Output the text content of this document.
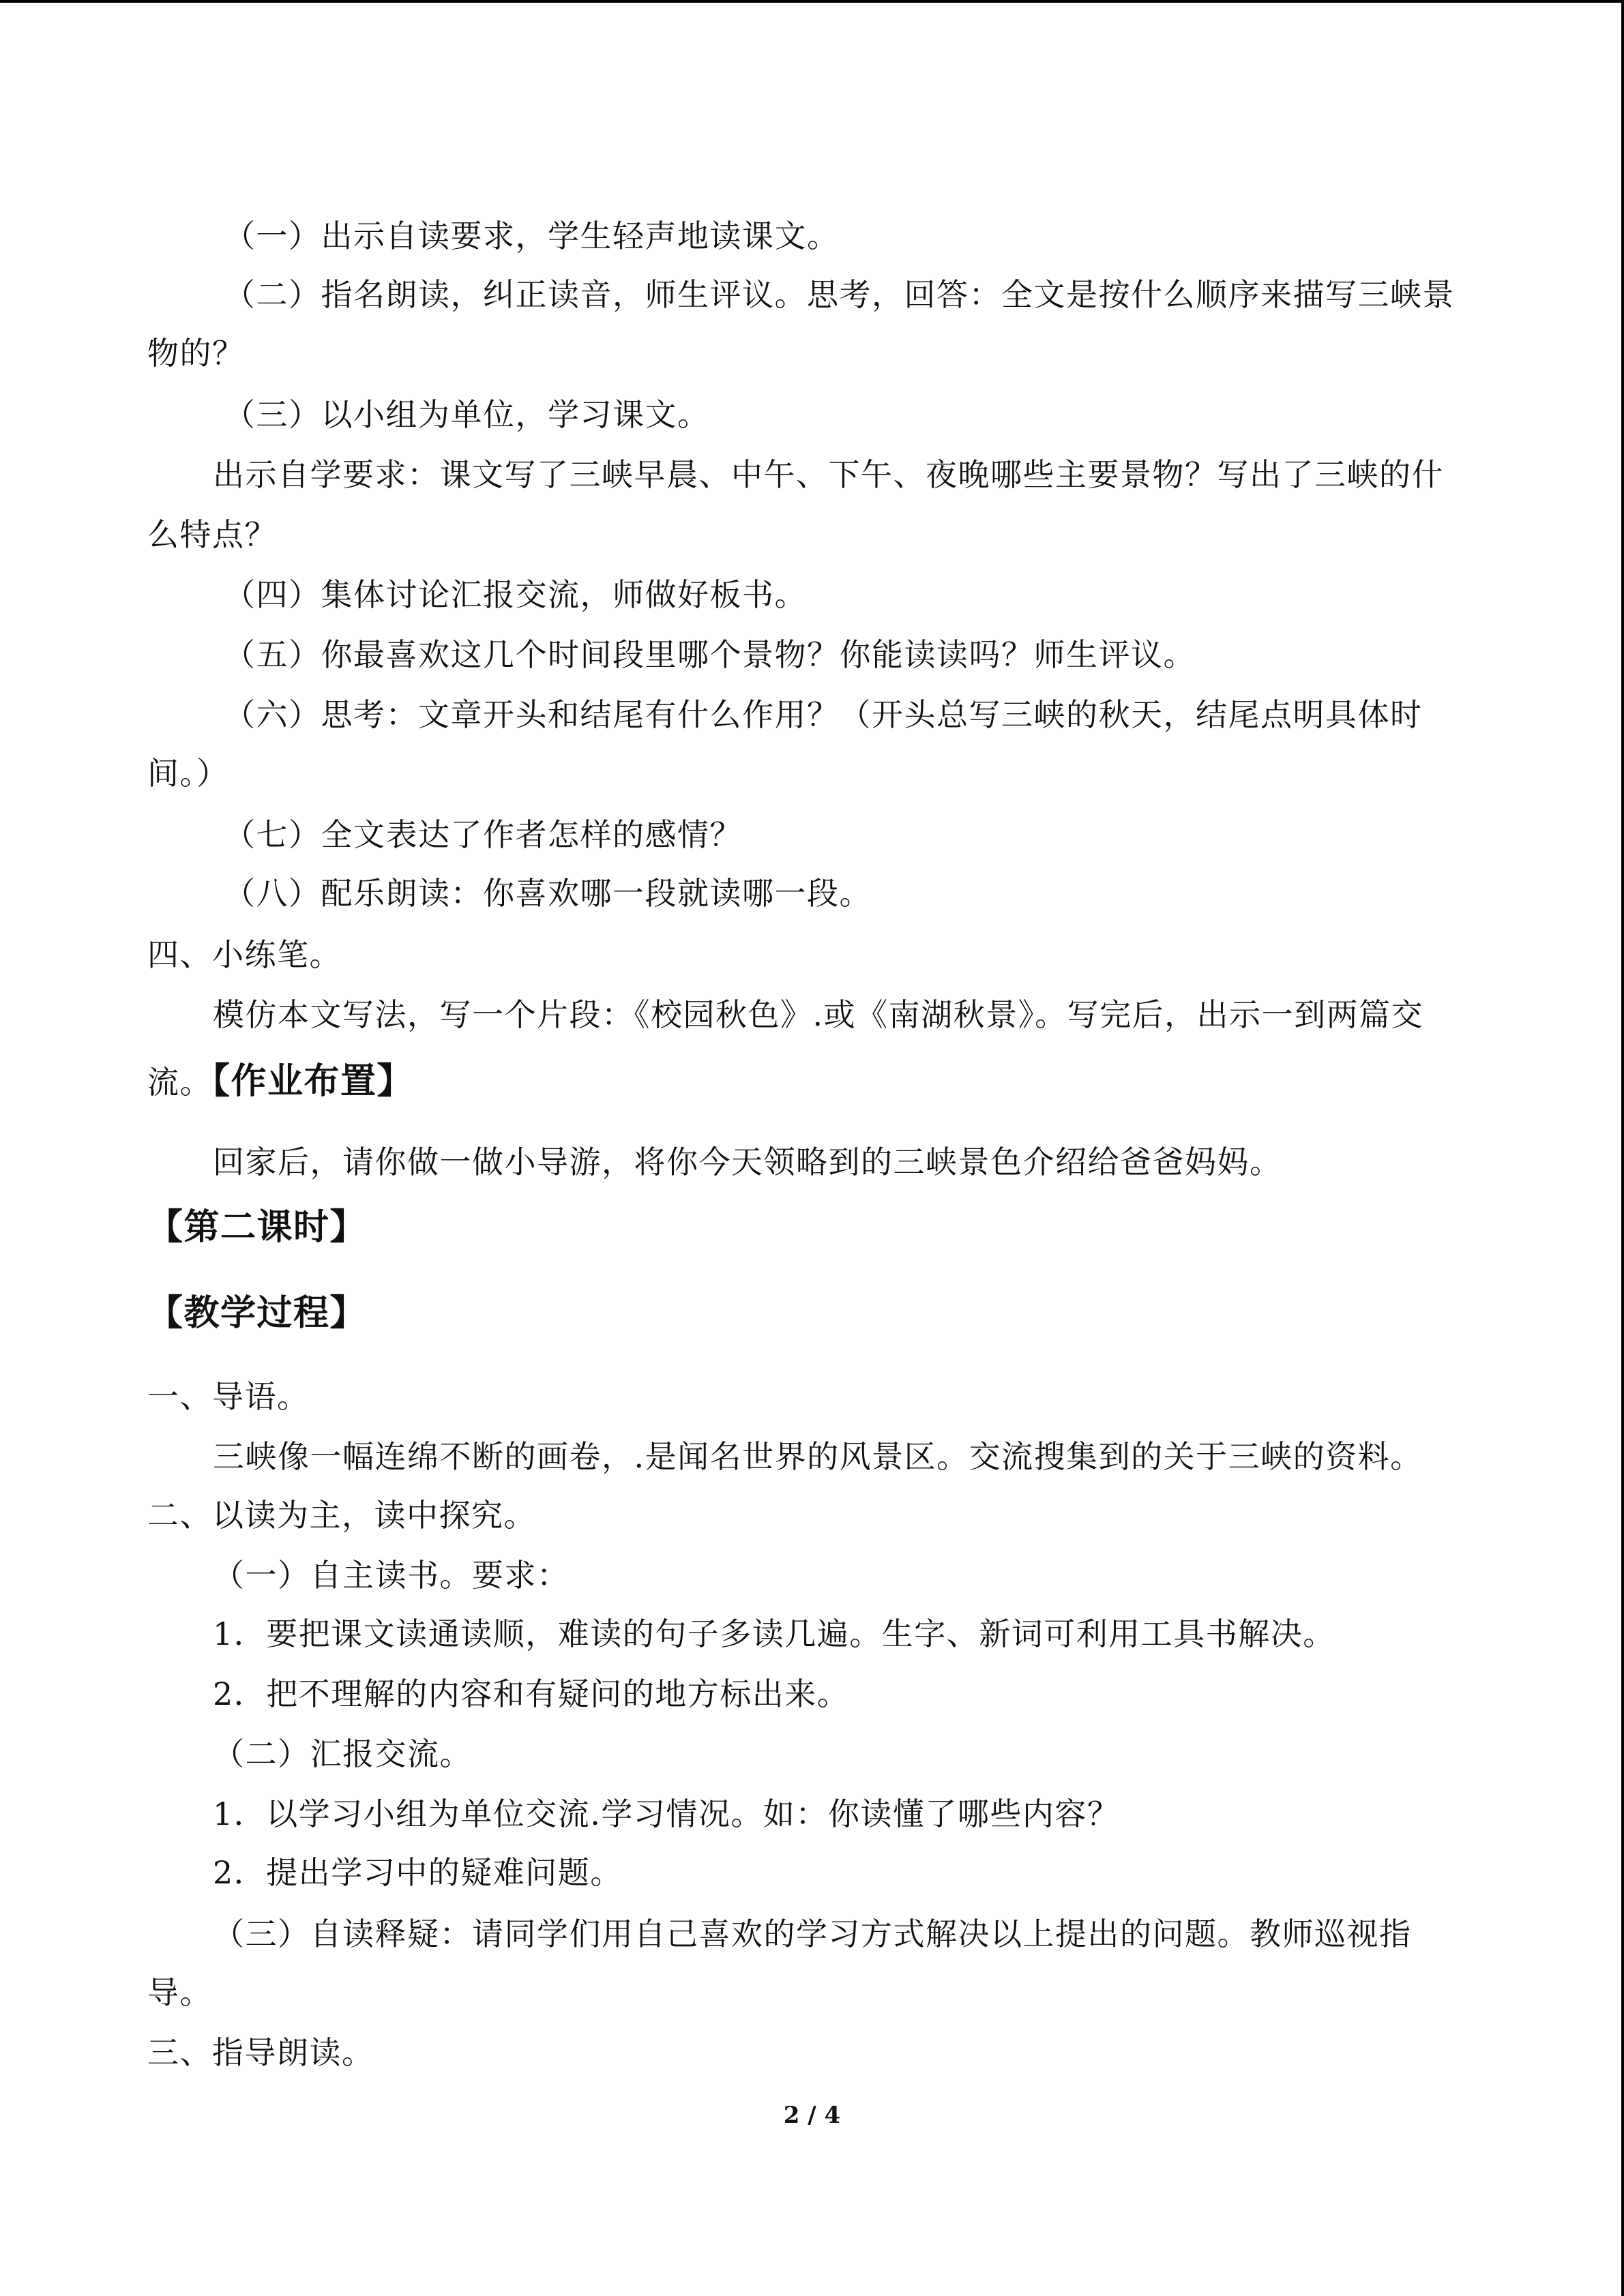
（一）出示自读要求，学生轻声地读课文。

（二）指名朗读，纠正读音，师生评议。思考，回答：全文是按什么顺序来描写三峡景

物的？

（三）以小组为单位，学习课文。

出示自学要求：课文写了三峡早晨、中午、下午、夜晚哪些主要景物？写出了三峡的什

么特点？

（四）集体讨论汇报交流，师做好板书。

（五）你最喜欢这几个时间段里哪个景物？你能读读吗？师生评议。

（六）思考：文章开头和结尾有什么作用？（开头总写三峡的秋天，结尾点明具体时

间。）

（七）全文表达了作者怎样的感情？

（八）配乐朗读：你喜欢哪一段就读哪一段。

四、小练笔。

模仿本文写法，写一个片段：《校园秋色》.或《南湖秋景》。写完后，出示一到两篇交

流。【作业布置】

回家后，请你做一做小导游，将你今天领略到的三峡景色介绍给爸爸妈妈。

【第二课时】
【教学过程】

一、导语。

三峡像一幅连绵不断的画卷，.是闻名世界的风景区。交流搜集到的关于三峡的资料。

二、以读为主，读中探究。

（一）自主读书。要求：

1．要把课文读通读顺，难读的句子多读几遍。生字、新词可利用工具书解决。

2．把不理解的内容和有疑问的地方标出来。

（二）汇报交流。

1．以学习小组为单位交流.学习情况。如：你读懂了哪些内容？

2．提出学习中的疑难问题。

（三）自读释疑：请同学们用自己喜欢的学习方式解决以上提出的问题。教师巡视指

导。

三、指导朗读。

2 / 4
